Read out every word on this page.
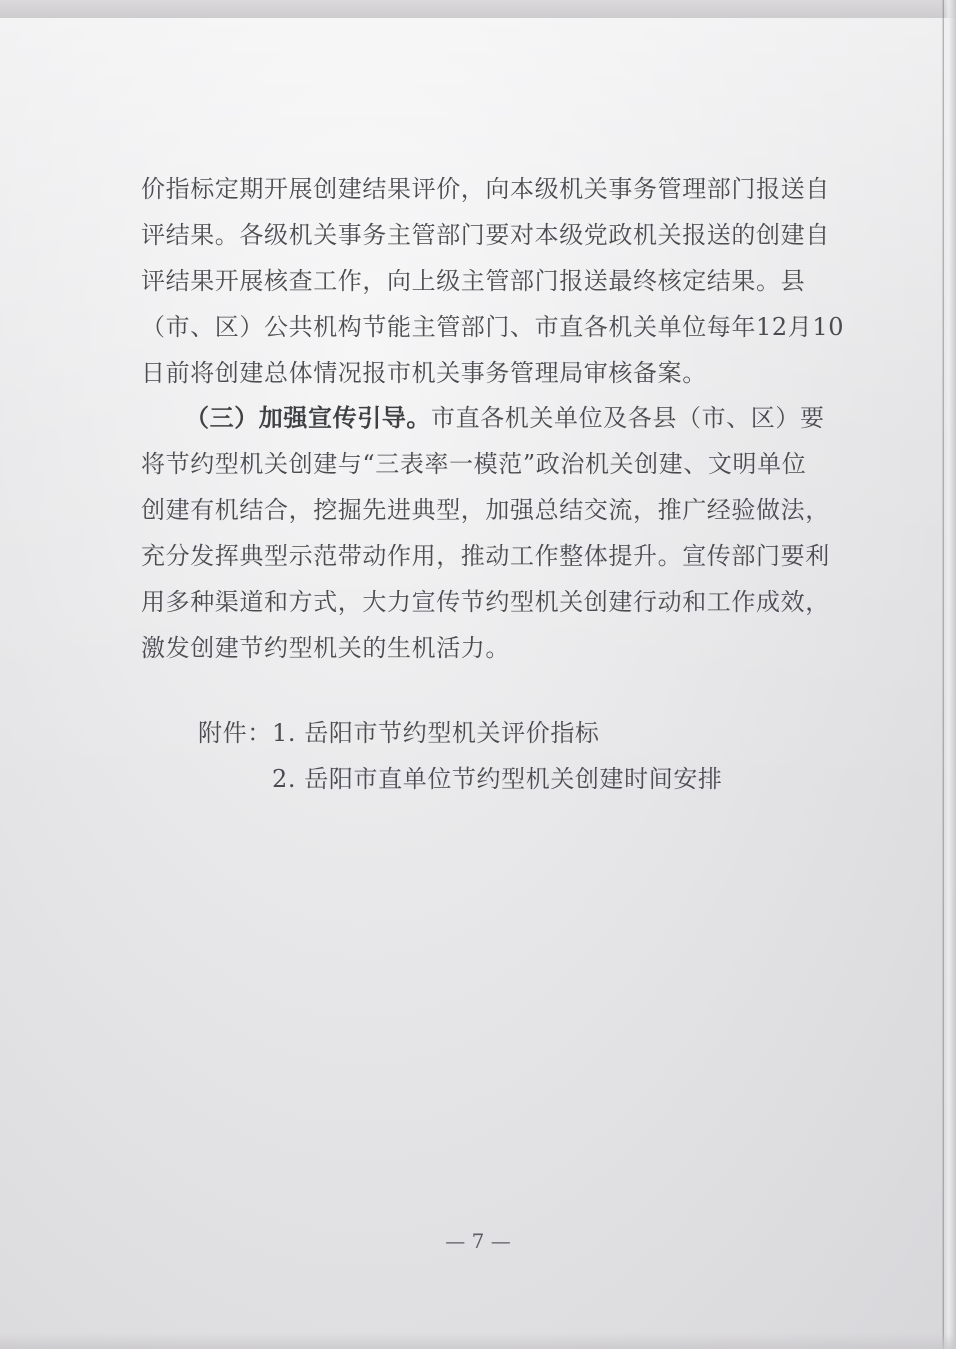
价指标定期开展创建结果评价，向本级机关事务管理部门报送自
评结果。各级机关事务主管部门要对本级党政机关报送的创建自
评结果开展核查工作，向上级主管部门报送最终核定结果。县
（市、区）公共机构节能主管部门、市直各机关单位每年12月10
日前将创建总体情况报市机关事务管理局审核备案。
（三）加强宣传引导。市直各机关单位及各县（市、区）要
将节约型机关创建与“三表率一模范”政治机关创建、文明单位
创建有机结合，挖掘先进典型，加强总结交流，推广经验做法，
充分发挥典型示范带动作用，推动工作整体提升。宣传部门要利
用多种渠道和方式，大力宣传节约型机关创建行动和工作成效，
激发创建节约型机关的生机活力。
附件：1. 岳阳市节约型机关评价指标
2. 岳阳市直单位节约型机关创建时间安排
— 7 —
